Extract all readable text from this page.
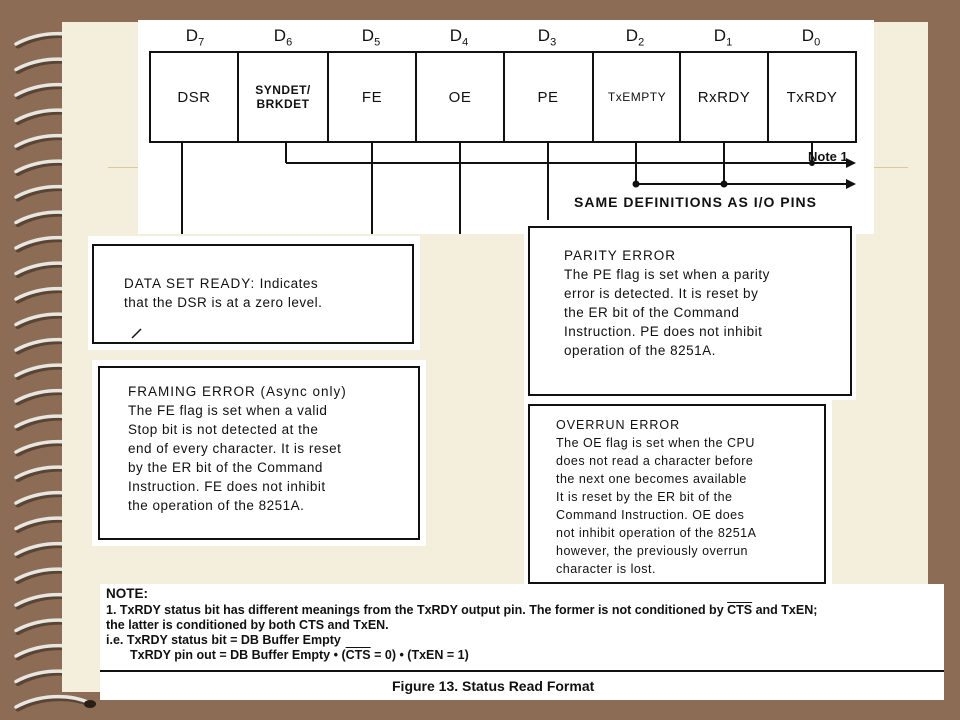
$D_7$	$D_6$	$D_5$	$D_4$	$D_3$	$D_2$	$D_1$	$D_0$
DSR	SYNDET/ BRKDET	FE	OE	PE	TxEMPTY	RxRDY	TxRDY
Note 1
SAME DEFINITIONS AS I/O PINS
DATA SET READY: Indicates
that the DSR is at a zero level.
FRAMING ERROR (Async only)
The FE flag is set when a valid
Stop bit is not detected at the
end of every character. It is reset
by the ER bit of the Command
Instruction. FE does not inhibit
the operation of the 8251A.
PARITY ERROR
The PE flag is set when a parity
error is detected. It is reset by
the ER bit of the Command
Instruction. PE does not inhibit
operation of the 8251A.
OVERRUN ERROR
The OE flag is set when the CPU
does not read a character before
the next one becomes available
It is reset by the ER bit of the
Command Instruction. OE does
not inhibit operation of the 8251A
however, the previously overrun
character is lost.
NOTE:
1. TxRDY status bit has different meanings from the TxRDY output pin. The former is not conditioned by $\overline{CTS}$ and TxEN;
the latter is conditioned by both CTS and TxEN.
i.e. TxRDY status bit = DB Buffer Empty
TxRDY pin out = DB Buffer Empty • $(\overline{CTS} = 0)$ • (TxEN = 1)
Figure 13. Status Read Format
